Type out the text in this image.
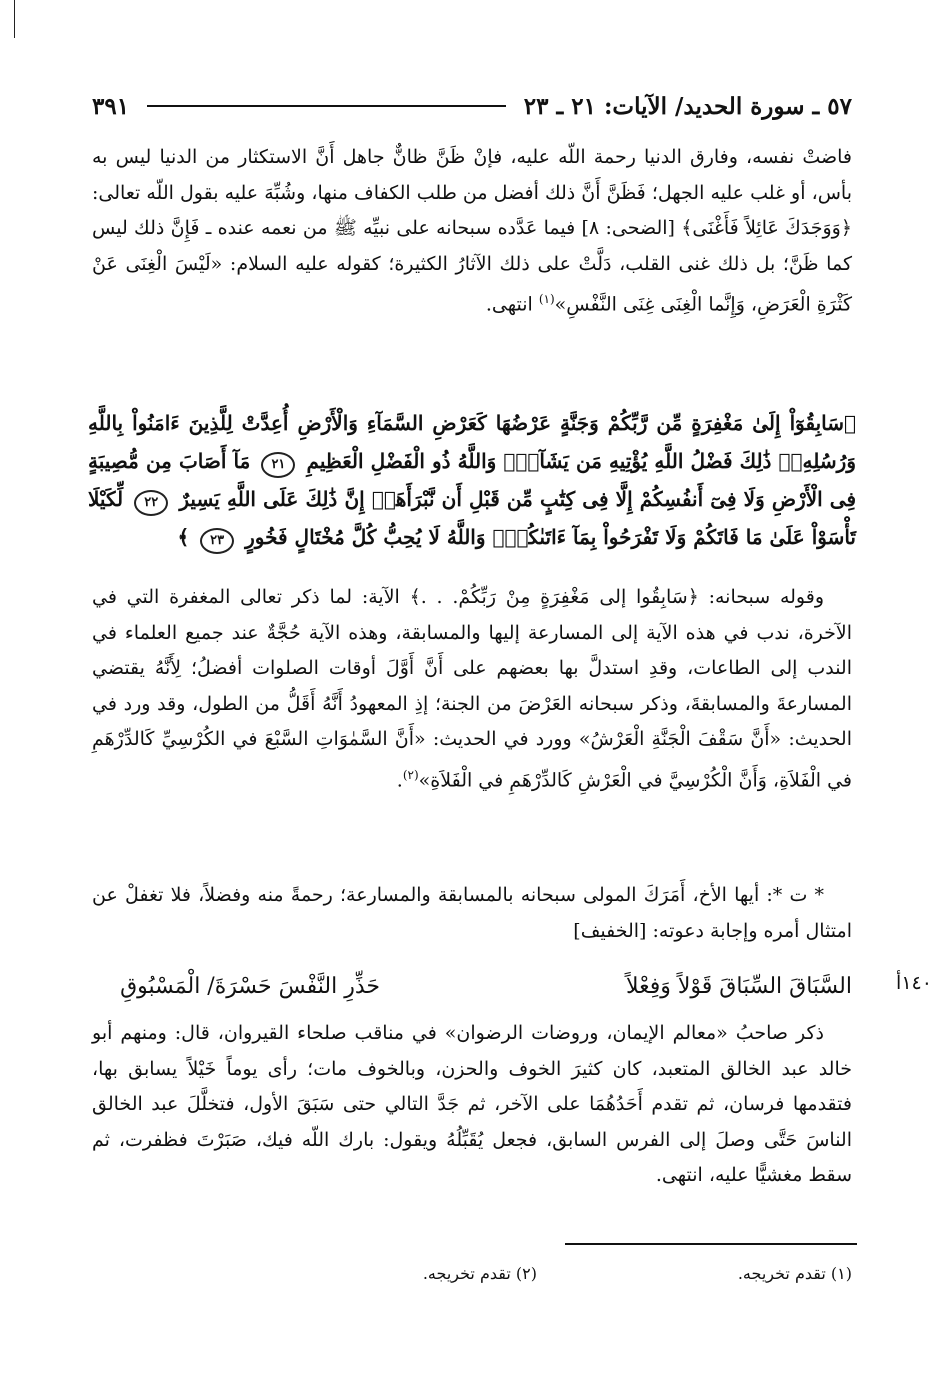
٥٧ ـ سورة الحديد/ الآيات: ٢١ ـ ٢٣
٣٩١

فاضتْ نفسه، وفارق الدنيا رحمة اللّه عليه، فإنْ ظَنَّ ظانٌّ جاهل أَنَّ الاستكثار من الدنيا ليس به بأس، أو غلب عليه الجهل؛ فَظَنَّ أَنَّ ذلك أفضل من طلب الكفاف منها، وشُبِّهَ عليه بقول اللّه تعالى: ﴿وَوَجَدَكَ عَائِلاً فَأَغْنَى﴾ [الضحى: ٨] فيما عَدَّده سبحانه على نبيِّه ﷺ من نعمه عنده ـ فَإِنَّ ذلك ليس كما ظَنَّ؛ بل ذلك غنى القلب، دَلَّتْ على ذلك الآثارُ الكثيرة؛ كقوله عليه السلام: «لَيْسَ الْغِنَى عَنْ كَثْرَةِ الْعَرَضِ، وَإِنَّما الْغِنَى غِنَى النَّفْسِ»$^{(١)}$ انتهى.

﴿سَابِقُوٓاْ إِلَىٰ مَغْفِرَةٍ مِّن رَّبِّكُمْ وَجَنَّةٍ عَرْضُهَا كَعَرْضِ السَّمَآءِ وَالْأَرْضِ أُعِدَّتْ لِلَّذِينَ ءَامَنُواْ بِاللَّهِ وَرُسُلِهِۦۚ ذَٰلِكَ فَضْلُ اللَّهِ يُؤْتِيهِ مَن يَشَآءُۚ وَاللَّهُ ذُو الْفَضْلِ الْعَظِيمِ ٢١ مَآ أَصَابَ مِن مُّصِيبَةٍ فِى الْأَرْضِ وَلَا فِىٓ أَنفُسِكُمْ إِلَّا فِى كِتَٰبٍ مِّن قَبْلِ أَن نَّبْرَأَهَآۚ إِنَّ ذَٰلِكَ عَلَى اللَّهِ يَسِيرٌ ٢٢ لِّكَيْلَا تَأْسَوْاْ عَلَىٰ مَا فَاتَكُمْ وَلَا تَفْرَحُواْ بِمَآ ءَاتَىٰكُمْۗ وَاللَّهُ لَا يُحِبُّ كُلَّ مُخْتَالٍ فَخُورٍ ٢٣ ﴾

وقوله سبحانه: ﴿سَابِقُوا إلى مَغْفِرَةٍ مِنْ رَبِّكُمْ. . .﴾ الآية: لما ذكر تعالى المغفرة التي في الآخرة، ندب في هذه الآية إلى المسارعة إليها والمسابقة، وهذه الآية حُجَّةٌ عند جميع العلماء في الندب إلى الطاعات، وقدِ استدلَّ بها بعضهم على أَنَّ أَوَّلَ أوقات الصلوات أفضلُ؛ لِأَنَّهُ يقتضي المسارعةَ والمسابقةَ، وذكر سبحانه العَرْضَ من الجنة؛ إذِ المعهودُ أَنَّهُ أَقَلُّ من الطول، وقد ورد في الحديث: «أَنَّ سَقْفَ الْجَنَّةِ الْعَرْشُ» وورد في الحديث: «أَنَّ السَّمٰوَاتِ السَّبْعَ في الكُرْسِيِّ كَالدِّرْهَمِ في الْفَلاَةِ، وَأَنَّ الْكُرْسِيَّ في الْعَرْشِ كَالدِّرْهَمِ في الْفَلاَةِ»$^{(٢)}$.

* ت *: أيها الأخ، أَمَرَكَ المولى سبحانه بالمسابقة والمسارعة؛ رحمةً منه وفضلاً، فلا تغفلْ عن امتثال أمره وإجابة دعوته: [الخفيف]

السَّبَاقَ السِّبَاقَ قَوْلاً وَفِعْلاً
حَذِّرِ النَّفْسَ حَسْرَةَ/ الْمَسْبُوقِ	١٤٠أ

ذكر صاحبُ «معالم الإيمان، وروضات الرضوان» في مناقب صلحاء القيروان، قال: ومنهم أبو خالد عبد الخالق المتعبد، كان كثيرَ الخوف والحزن، وبالخوف مات؛ رأى يوماً خَيْلاً يسابق بها، فتقدمها فرسان، ثم تقدم أَحَدُهُمَا على الآخر، ثم جَدَّ التالي حتى سَبَقَ الأول، فتخلَّلَ عبد الخالق الناسَ حَتَّى وصلَ إلى الفرس السابق، فجعل يُقَبِّلُهُ ويقول: بارك اللّه فيك، صَبَرْتَ فظفرت، ثم سقط مغشيًّا عليه، انتهى.

(١) تقدم تخريجه.
(٢) تقدم تخريجه.
